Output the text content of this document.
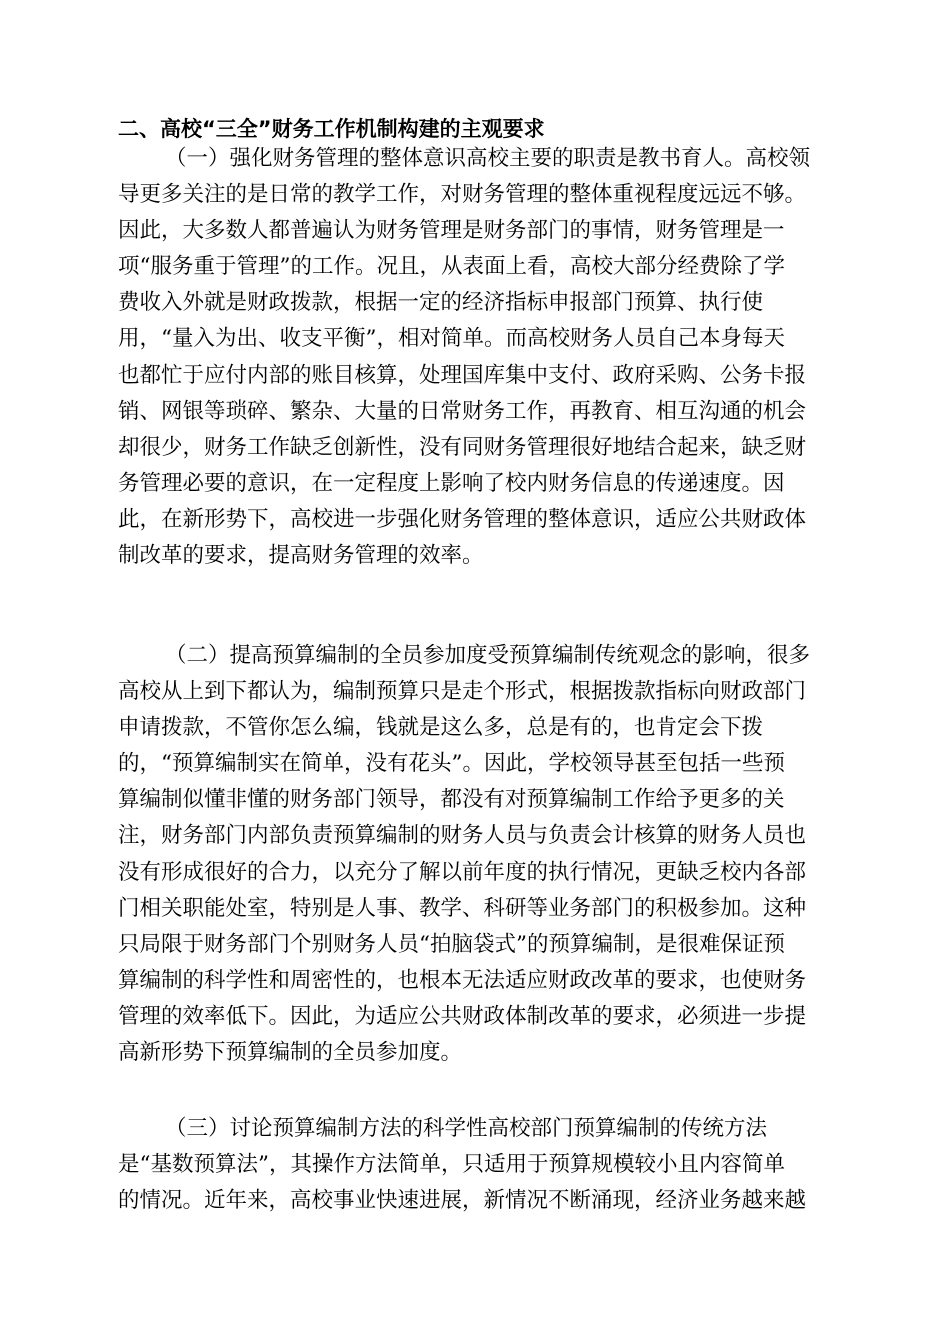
二、高校“三全”财务工作机制构建的主观要求
（一）强化财务管理的整体意识高校主要的职责是教书育人。高校领
导更多关注的是日常的教学工作，对财务管理的整体重视程度远远不够。
因此，大多数人都普遍认为财务管理是财务部门的事情，财务管理是一
项“服务重于管理”的工作。况且，从表面上看，高校大部分经费除了学
费收入外就是财政拨款，根据一定的经济指标申报部门预算、执行使
用，“量入为出、收支平衡”，相对简单。而高校财务人员自己本身每天
也都忙于应付内部的账目核算，处理国库集中支付、政府采购、公务卡报
销、网银等琐碎、繁杂、大量的日常财务工作，再教育、相互沟通的机会
却很少，财务工作缺乏创新性，没有同财务管理很好地结合起来，缺乏财
务管理必要的意识，在一定程度上影响了校内财务信息的传递速度。因
此，在新形势下，高校进一步强化财务管理的整体意识，适应公共财政体
制改革的要求，提高财务管理的效率。
（二）提高预算编制的全员参加度受预算编制传统观念的影响，很多
高校从上到下都认为，编制预算只是走个形式，根据拨款指标向财政部门
申请拨款，不管你怎么编，钱就是这么多，总是有的，也肯定会下拨
的，“预算编制实在简单，没有花头”。因此，学校领导甚至包括一些预
算编制似懂非懂的财务部门领导，都没有对预算编制工作给予更多的关
注，财务部门内部负责预算编制的财务人员与负责会计核算的财务人员也
没有形成很好的合力，以充分了解以前年度的执行情况，更缺乏校内各部
门相关职能处室，特别是人事、教学、科研等业务部门的积极参加。这种
只局限于财务部门个别财务人员“拍脑袋式”的预算编制，是很难保证预
算编制的科学性和周密性的，也根本无法适应财政改革的要求，也使财务
管理的效率低下。因此，为适应公共财政体制改革的要求，必须进一步提
高新形势下预算编制的全员参加度。
（三）讨论预算编制方法的科学性高校部门预算编制的传统方法
是“基数预算法”，其操作方法简单，只适用于预算规模较小且内容简单
的情况。近年来，高校事业快速进展，新情况不断涌现，经济业务越来越
